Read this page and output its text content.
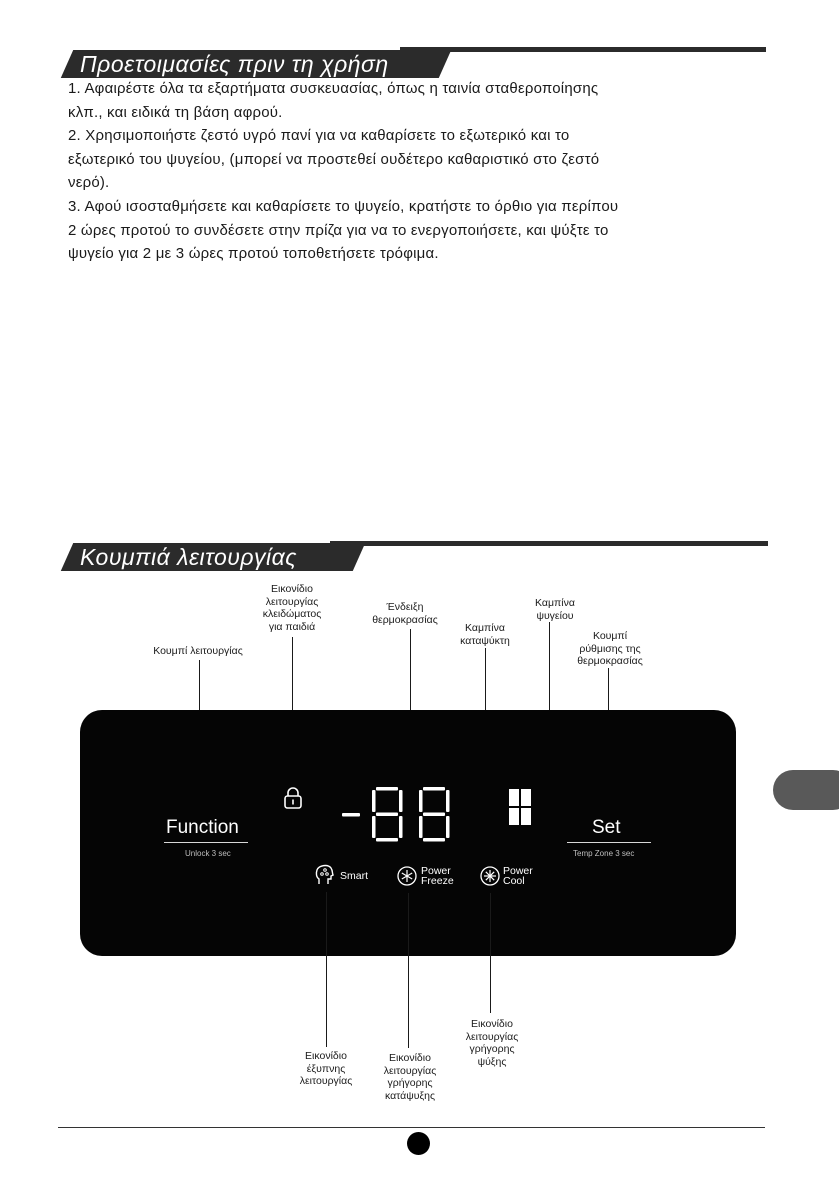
Προετοιμασίες πριν τη χρήση

1. Αφαιρέστε όλα τα εξαρτήματα συσκευασίας, όπως η ταινία σταθεροποίησης

κλπ., και ειδικά τη βάση αφρού.

2. Χρησιμοποιήστε ζεστό υγρό πανί για να καθαρίσετε το εξωτερικό και το

εξωτερικό του ψυγείου, (μπορεί να προστεθεί ουδέτερο καθαριστικό στο ζεστό

νερό).

3. Αφού ισοσταθμήσετε και καθαρίσετε το ψυγείο, κρατήστε το όρθιο για περίπου

2 ώρες προτού το συνδέσετε στην πρίζα για να το ενεργοποιήσετε, και ψύξτε το

ψυγείο για 2 με 3 ώρες προτού τοποθετήσετε τρόφιμα.

Κουμπιά λειτουργίας
Κουμπί λειτουργίας
Εικονίδιο
λειτουργίας
κλειδώματος
για παιδιά
Ένδειξη
θερμοκρασίας
Καμπίνα
καταψύκτη
Καμπίνα
ψυγείου
Κουμπί
ρύθμισης της
θερμοκρασίας
Function
Unlock 3 sec
Set
Temp Zone 3 sec
Smart	Power
Freeze
Power
Cool
Εικονίδιο
έξυπνης
λειτουργίας
Εικονίδιο
λειτουργίας
γρήγορης
κατάψυξης
Εικονίδιο
λειτουργίας
γρήγορης
ψύξης
